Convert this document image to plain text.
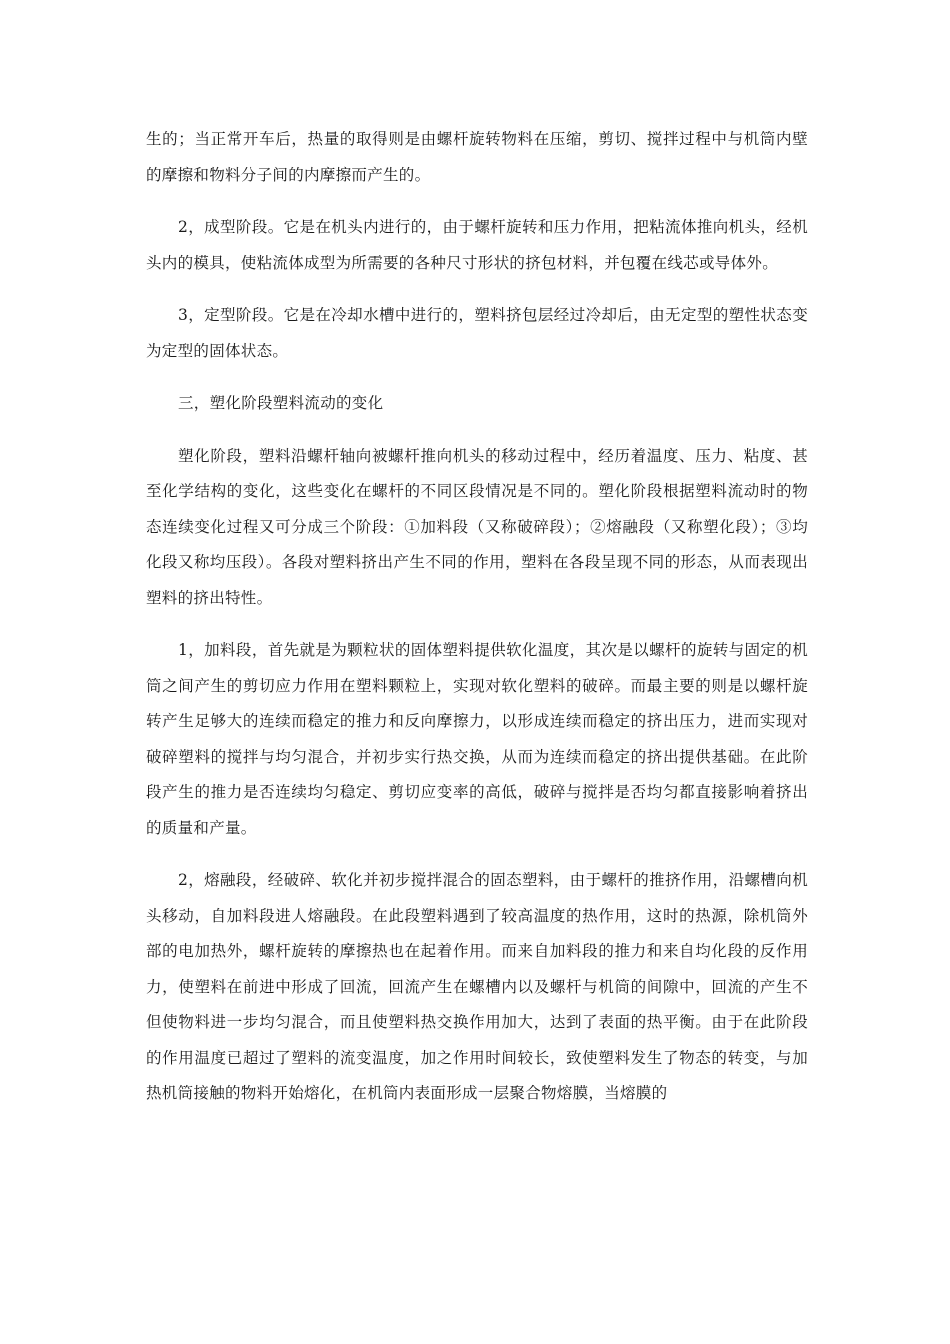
生的；当正常开车后，热量的取得则是由螺杆旋转物料在压缩，剪切、搅拌过程中与机筒内壁的摩擦和物料分子间的内摩擦而产生的。

2，成型阶段。它是在机头内进行的，由于螺杆旋转和压力作用，把粘流体推向机头，经机头内的模具，使粘流体成型为所需要的各种尺寸形状的挤包材料，并包覆在线芯或导体外。

3，定型阶段。它是在冷却水槽中进行的，塑料挤包层经过冷却后，由无定型的塑性状态变为定型的固体状态。

三，塑化阶段塑料流动的变化

塑化阶段，塑料沿螺杆轴向被螺杆推向机头的移动过程中，经历着温度、压力、粘度、甚至化学结构的变化，这些变化在螺杆的不同区段情况是不同的。塑化阶段根据塑料流动时的物态连续变化过程又可分成三个阶段：①加料段（又称破碎段）；②熔融段（又称塑化段）；③均化段又称均压段）。各段对塑料挤出产生不同的作用，塑料在各段呈现不同的形态，从而表现出塑料的挤出特性。

1，加料段，首先就是为颗粒状的固体塑料提供软化温度，其次是以螺杆的旋转与固定的机筒之间产生的剪切应力作用在塑料颗粒上，实现对软化塑料的破碎。而最主要的则是以螺杆旋转产生足够大的连续而稳定的推力和反向摩擦力，以形成连续而稳定的挤出压力，进而实现对破碎塑料的搅拌与均匀混合，并初步实行热交换，从而为连续而稳定的挤出提供基础。在此阶段产生的推力是否连续均匀稳定、剪切应变率的高低，破碎与搅拌是否均匀都直接影响着挤出的质量和产量。

2，熔融段，经破碎、软化并初步搅拌混合的固态塑料，由于螺杆的推挤作用，沿螺槽向机头移动，自加料段进人熔融段。在此段塑料遇到了较高温度的热作用，这时的热源，除机筒外部的电加热外，螺杆旋转的摩擦热也在起着作用。而来自加料段的推力和来自均化段的反作用力，使塑料在前进中形成了回流，回流产生在螺槽内以及螺杆与机筒的间隙中，回流的产生不但使物料进一步均匀混合，而且使塑料热交换作用加大，达到了表面的热平衡。由于在此阶段的作用温度已超过了塑料的流变温度，加之作用时间较长，致使塑料发生了物态的转变，与加热机筒接触的物料开始熔化，在机筒内表面形成一层聚合物熔膜，当熔膜的
